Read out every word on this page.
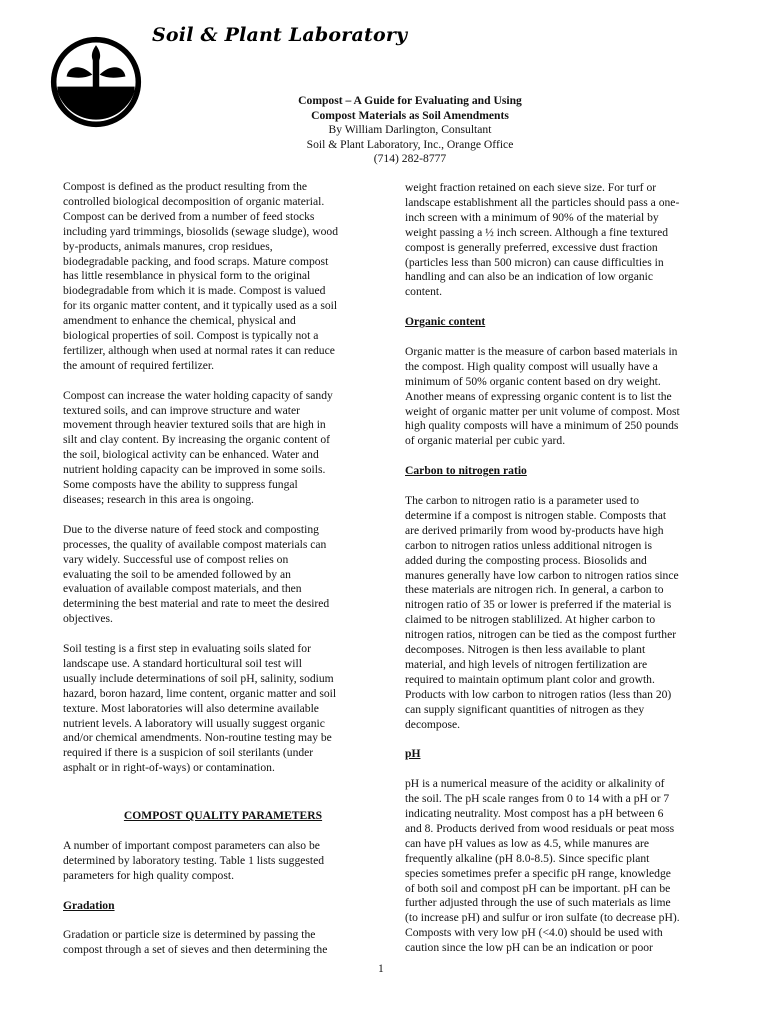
Soil & Plant Laboratory
Compost – A Guide for Evaluating and Using
Compost Materials as Soil Amendments
By William Darlington, Consultant
Soil & Plant Laboratory, Inc., Orange Office
(714) 282-8777

Compost is defined as the product resulting from the
controlled biological decomposition of organic material.
Compost can be derived from a number of feed stocks
including yard trimmings, biosolids (sewage sludge), wood
by-products, animals manures, crop residues,
biodegradable packing, and food scraps. Mature compost
has little resemblance in physical form to the original
biodegradable from which it is made. Compost is valued
for its organic matter content, and it typically used as a soil
amendment to enhance the chemical, physical and
biological properties of soil. Compost is typically not a
fertilizer, although when used at normal rates it can reduce
the amount of required fertilizer.

Compost can increase the water holding capacity of sandy
textured soils, and can improve structure and water
movement through heavier textured soils that are high in
silt and clay content. By increasing the organic content of
the soil, biological activity can be enhanced. Water and
nutrient holding capacity can be improved in some soils.
Some composts have the ability to suppress fungal
diseases; research in this area is ongoing.

Due to the diverse nature of feed stock and composting
processes, the quality of available compost materials can
vary widely. Successful use of compost relies on
evaluating the soil to be amended followed by an
evaluation of available compost materials, and then
determining the best material and rate to meet the desired
objectives.

Soil testing is a first step in evaluating soils slated for
landscape use. A standard horticultural soil test will
usually include determinations of soil pH, salinity, sodium
hazard, boron hazard, lime content, organic matter and soil
texture. Most laboratories will also determine available
nutrient levels. A laboratory will usually suggest organic
and/or chemical amendments. Non-routine testing may be
required if there is a suspicion of soil sterilants (under
asphalt or in right-of-ways) or contamination.

COMPOST QUALITY PARAMETERS

A number of important compost parameters can also be
determined by laboratory testing. Table 1 lists suggested
parameters for high quality compost.

Gradation

Gradation or particle size is determined by passing the
compost through a set of sieves and then determining the

weight fraction retained on each sieve size. For turf or
landscape establishment all the particles should pass a one-
inch screen with a minimum of 90% of the material by
weight passing a ½ inch screen. Although a fine textured
compost is generally preferred, excessive dust fraction
(particles less than 500 micron) can cause difficulties in
handling and can also be an indication of low organic
content.

Organic content

Organic matter is the measure of carbon based materials in
the compost. High quality compost will usually have a
minimum of 50% organic content based on dry weight.
Another means of expressing organic content is to list the
weight of organic matter per unit volume of compost. Most
high quality composts will have a minimum of 250 pounds
of organic material per cubic yard.

Carbon to nitrogen ratio

The carbon to nitrogen ratio is a parameter used to
determine if a compost is nitrogen stable. Composts that
are derived primarily from wood by-products have high
carbon to nitrogen ratios unless additional nitrogen is
added during the composting process. Biosolids and
manures generally have low carbon to nitrogen ratios since
these materials are nitrogen rich. In general, a carbon to
nitrogen ratio of 35 or lower is preferred if the material is
claimed to be nitrogen stablilized. At higher carbon to
nitrogen ratios, nitrogen can be tied as the compost further
decomposes. Nitrogen is then less available to plant
material, and high levels of nitrogen fertilization are
required to maintain optimum plant color and growth.
Products with low carbon to nitrogen ratios (less than 20)
can supply significant quantities of nitrogen as they
decompose.

pH

pH is a numerical measure of the acidity or alkalinity of
the soil. The pH scale ranges from 0 to 14 with a pH or 7
indicating neutrality. Most compost has a pH between 6
and 8. Products derived from wood residuals or peat moss
can have pH values as low as 4.5, while manures are
frequently alkaline (pH 8.0-8.5). Since specific plant
species sometimes prefer a specific pH range, knowledge
of both soil and compost pH can be important. pH can be
further adjusted through the use of such materials as lime
(to increase pH) and sulfur or iron sulfate (to decrease pH).
Composts with very low pH (<4.0) should be used with
caution since the low pH can be an indication or poor

1
